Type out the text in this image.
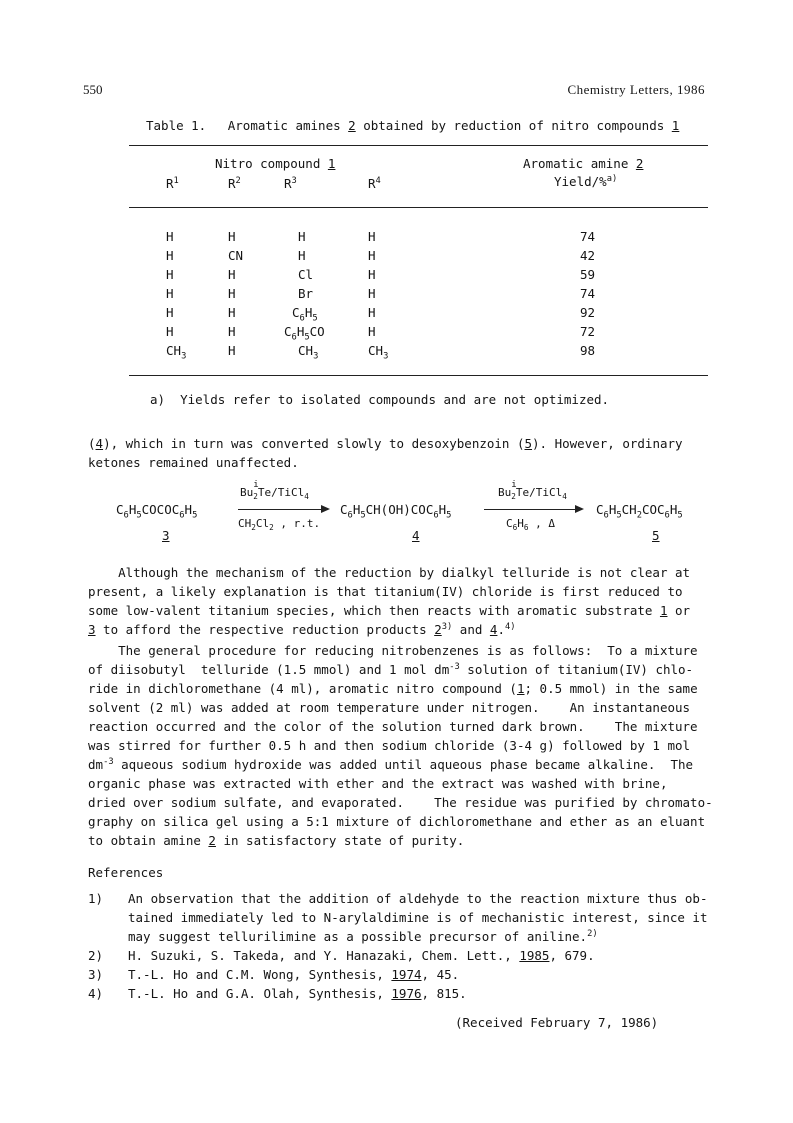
550	Chemistry Letters, 1986
Table 1. Aromatic amines 2 obtained by reduction of nitro compounds 1
Nitro compound 1	Aromatic amine 2
$R^1$	$R^2$	$R^3$	$R^4$	Yield/%$^{a)}$
H	H	H	H	74
H	CN	H	H	42
H	H	Cl	H	59
H	H	Br	H	74
H	H	$C_6H_5$	H	92
H	H	$C_6H_5CO$	H	72
$CH_3$	H	$CH_3$	$CH_3$	98
a)  Yields refer to isolated compounds and are not optimized.
(4), which in turn was converted slowly to desoxybenzoin (5). However, ordinary
ketones remained unaffected.
$C_6H_5COCOC_6H_5$
3
Bu
$_{i 2}$Te/TiCl$_4$
$CH_2Cl_2$ , r.t.
$C_6H_5CH(OH)COC_6H_5$
4
Bu
$_{i 2}$Te/TiCl$_4$
$C_6H_6$ , Δ
$C_6H_5CH_2COC_6H_5$
5
Although the mechanism of the reduction by dialkyl telluride is not clear at
present, a likely explanation is that titanium(IV) chloride is first reduced to
some low-valent titanium species, which then reacts with aromatic substrate 1 or
3 to afford the respective reduction products 2$^{3)}$ and 4.$^{4)}$
The general procedure for reducing nitrobenzenes is as follows:  To a mixture
of diisobutyl  telluride (1.5 mmol) and 1 mol $dm^{-3}$ solution of titanium(IV) chlo-
ride in dichloromethane (4 ml), aromatic nitro compound (1; 0.5 mmol) in the same
solvent (2 ml) was added at room temperature under nitrogen.    An instantaneous
reaction occurred and the color of the solution turned dark brown.    The mixture
was stirred for further 0.5 h and then sodium chloride (3-4 g) followed by 1 mol
$dm^{-3}$ aqueous sodium hydroxide was added until aqueous phase became alkaline.  The
organic phase was extracted with ether and the extract was washed with brine,
dried over sodium sulfate, and evaporated.    The residue was purified by chromato-
graphy on silica gel using a 5:1 mixture of dichloromethane and ether as an eluant
to obtain amine 2 in satisfactory state of purity.
References
1) An observation that the addition of aldehyde to the reaction mixture thus ob-
tained immediately led to N-arylaldimine is of mechanistic interest, since it
may suggest tellurilimine as a possible precursor of aniline.$^{2)}$
2) H. Suzuki, S. Takeda, and Y. Hanazaki, Chem. Lett., 1985, 679.
3) T.-L. Ho and C.M. Wong, Synthesis, 1974, 45.
4) T.-L. Ho and G.A. Olah, Synthesis, 1976, 815.
(Received February 7, 1986)
